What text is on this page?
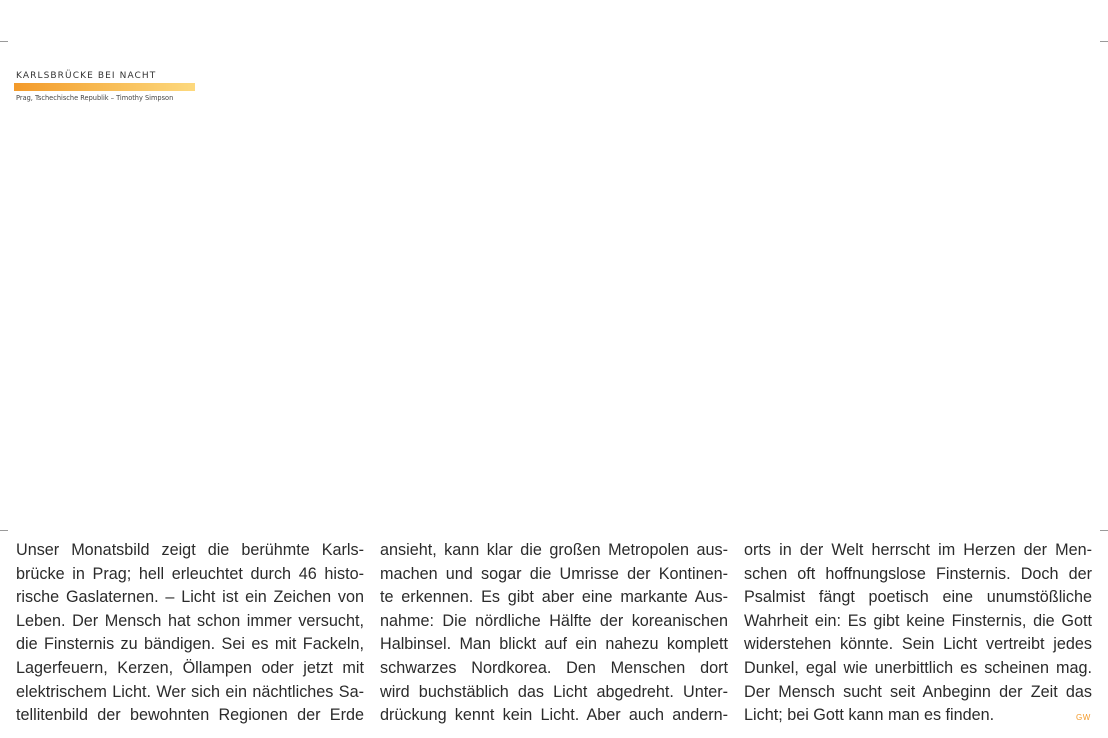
KARLSBRÜCKE BEI NACHT
Prag, Tschechische Republik – Timothy Simpson
Unser Monatsbild zeigt die berühmte Karls-
brücke in Prag; hell erleuchtet durch 46 histo-
rische Gaslaternen. – Licht ist ein Zeichen von
Leben. Der Mensch hat schon immer versucht,
die Finsternis zu bändigen. Sei es mit Fackeln,
Lagerfeuern, Kerzen, Öllampen oder jetzt mit
elektrischem Licht. Wer sich ein nächtliches Sa-
tellitenbild der bewohnten Regionen der Erde
ansieht, kann klar die großen Metropolen aus-
machen und sogar die Umrisse der Kontinen-
te erkennen. Es gibt aber eine markante Aus-
nahme: Die nördliche Hälfte der koreanischen
Halbinsel. Man blickt auf ein nahezu komplett
schwarzes Nordkorea. Den Menschen dort
wird buchstäblich das Licht abgedreht. Unter-
drückung kennt kein Licht. Aber auch andern-
orts in der Welt herrscht im Herzen der Men-
schen oft hoffnungslose Finsternis. Doch der
Psalmist fängt poetisch eine unumstößliche
Wahrheit ein: Es gibt keine Finsternis, die Gott
widerstehen könnte. Sein Licht vertreibt jedes
Dunkel, egal wie unerbittlich es scheinen mag.
Der Mensch sucht seit Anbeginn der Zeit das
Licht; bei Gott kann man es finden.	GW
